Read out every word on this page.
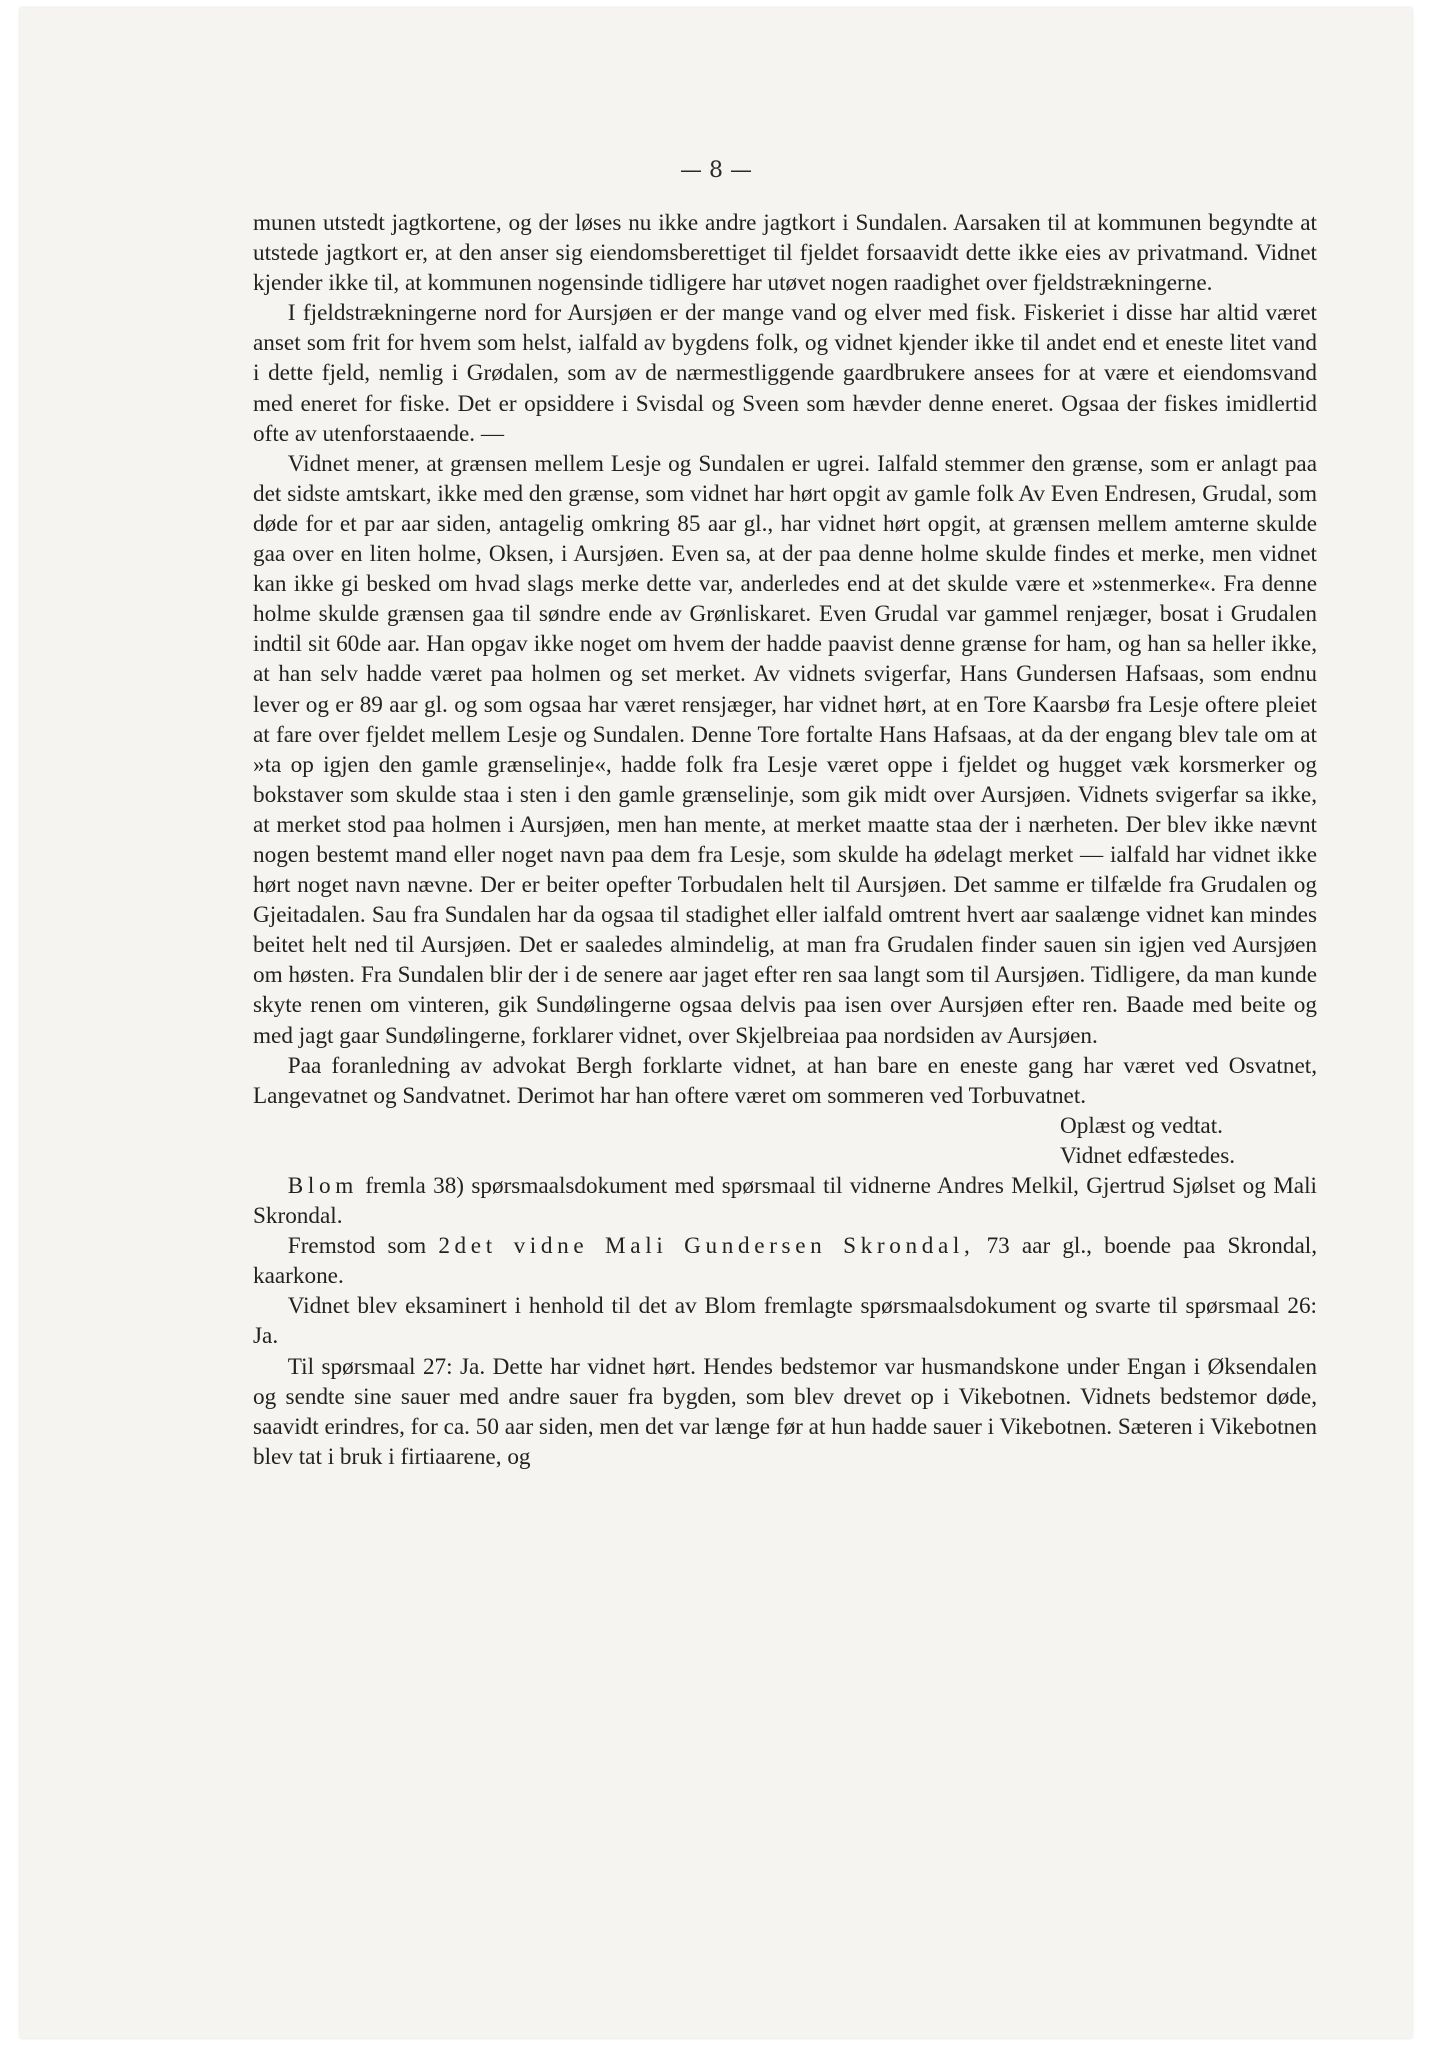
— 8 —

munen utstedt jagtkortene, og der løses nu ikke andre jagtkort i Sundalen. Aarsaken til at kommunen begyndte at utstede jagtkort er, at den anser sig eiendomsberettiget til fjeldet forsaavidt dette ikke eies av privatmand. Vidnet kjender ikke til, at kommunen nogensinde tidligere har utøvet nogen raadighet over fjeldstrækningerne.

I fjeldstrækningerne nord for Aursjøen er der mange vand og elver med fisk. Fiskeriet i disse har altid været anset som frit for hvem som helst, ialfald av bygdens folk, og vidnet kjender ikke til andet end et eneste litet vand i dette fjeld, nemlig i Grødalen, som av de nærmestliggende gaardbrukere ansees for at være et eiendomsvand med eneret for fiske. Det er opsiddere i Svisdal og Sveen som hævder denne eneret. Ogsaa der fiskes imidlertid ofte av utenforstaaende. —

Vidnet mener, at grænsen mellem Lesje og Sundalen er ugrei. Ialfald stemmer den grænse, som er anlagt paa det sidste amtskart, ikke med den grænse, som vidnet har hørt opgit av gamle folk Av Even Endresen, Grudal, som døde for et par aar siden, antagelig omkring 85 aar gl., har vidnet hørt opgit, at grænsen mellem amterne skulde gaa over en liten holme, Oksen, i Aursjøen. Even sa, at der paa denne holme skulde findes et merke, men vidnet kan ikke gi besked om hvad slags merke dette var, anderledes end at det skulde være et »stenmerke«. Fra denne holme skulde grænsen gaa til søndre ende av Grønliskaret. Even Grudal var gammel renjæger, bosat i Grudalen indtil sit 60de aar. Han opgav ikke noget om hvem der hadde paavist denne grænse for ham, og han sa heller ikke, at han selv hadde været paa holmen og set merket. Av vidnets svigerfar, Hans Gundersen Hafsaas, som endnu lever og er 89 aar gl. og som ogsaa har været rensjæger, har vidnet hørt, at en Tore Kaarsbø fra Lesje oftere pleiet at fare over fjeldet mellem Lesje og Sundalen. Denne Tore fortalte Hans Hafsaas, at da der engang blev tale om at »ta op igjen den gamle grænselinje«, hadde folk fra Lesje været oppe i fjeldet og hugget væk korsmerker og bokstaver som skulde staa i sten i den gamle grænselinje, som gik midt over Aursjøen. Vidnets svigerfar sa ikke, at merket stod paa holmen i Aursjøen, men han mente, at merket maatte staa der i nærheten. Der blev ikke nævnt nogen bestemt mand eller noget navn paa dem fra Lesje, som skulde ha ødelagt merket — ialfald har vidnet ikke hørt noget navn nævne. Der er beiter opefter Torbudalen helt til Aursjøen. Det samme er tilfælde fra Grudalen og Gjeitadalen. Sau fra Sundalen har da ogsaa til stadighet eller ialfald omtrent hvert aar saalænge vidnet kan mindes beitet helt ned til Aursjøen. Det er saaledes almindelig, at man fra Grudalen finder sauen sin igjen ved Aursjøen om høsten. Fra Sundalen blir der i de senere aar jaget efter ren saa langt som til Aursjøen. Tidligere, da man kunde skyte renen om vinteren, gik Sundølingerne ogsaa delvis paa isen over Aursjøen efter ren. Baade med beite og med jagt gaar Sundølingerne, forklarer vidnet, over Skjelbreiaa paa nordsiden av Aursjøen.

Paa foranledning av advokat Bergh forklarte vidnet, at han bare en eneste gang har været ved Osvatnet, Langevatnet og Sandvatnet. Derimot har han oftere været om sommeren ved Torbuvatnet.

Oplæst og vedtat.
Vidnet edfæstedes.

Blom fremla 38) spørsmaalsdokument med spørsmaal til vidnerne Andres Melkil, Gjertrud Sjølset og Mali Skrondal.

Fremstod som 2det vidne Mali Gundersen Skrondal, 73 aar gl., boende paa Skrondal, kaarkone.

Vidnet blev eksaminert i henhold til det av Blom fremlagte spørsmaalsdokument og svarte til spørsmaal 26: Ja.

Til spørsmaal 27: Ja. Dette har vidnet hørt. Hendes bedstemor var husmandskone under Engan i Øksendalen og sendte sine sauer med andre sauer fra bygden, som blev drevet op i Vikebotnen. Vidnets bedstemor døde, saavidt erindres, for ca. 50 aar siden, men det var længe før at hun hadde sauer i Vikebotnen. Sæteren i Vikebotnen blev tat i bruk i firtiaarene, og
